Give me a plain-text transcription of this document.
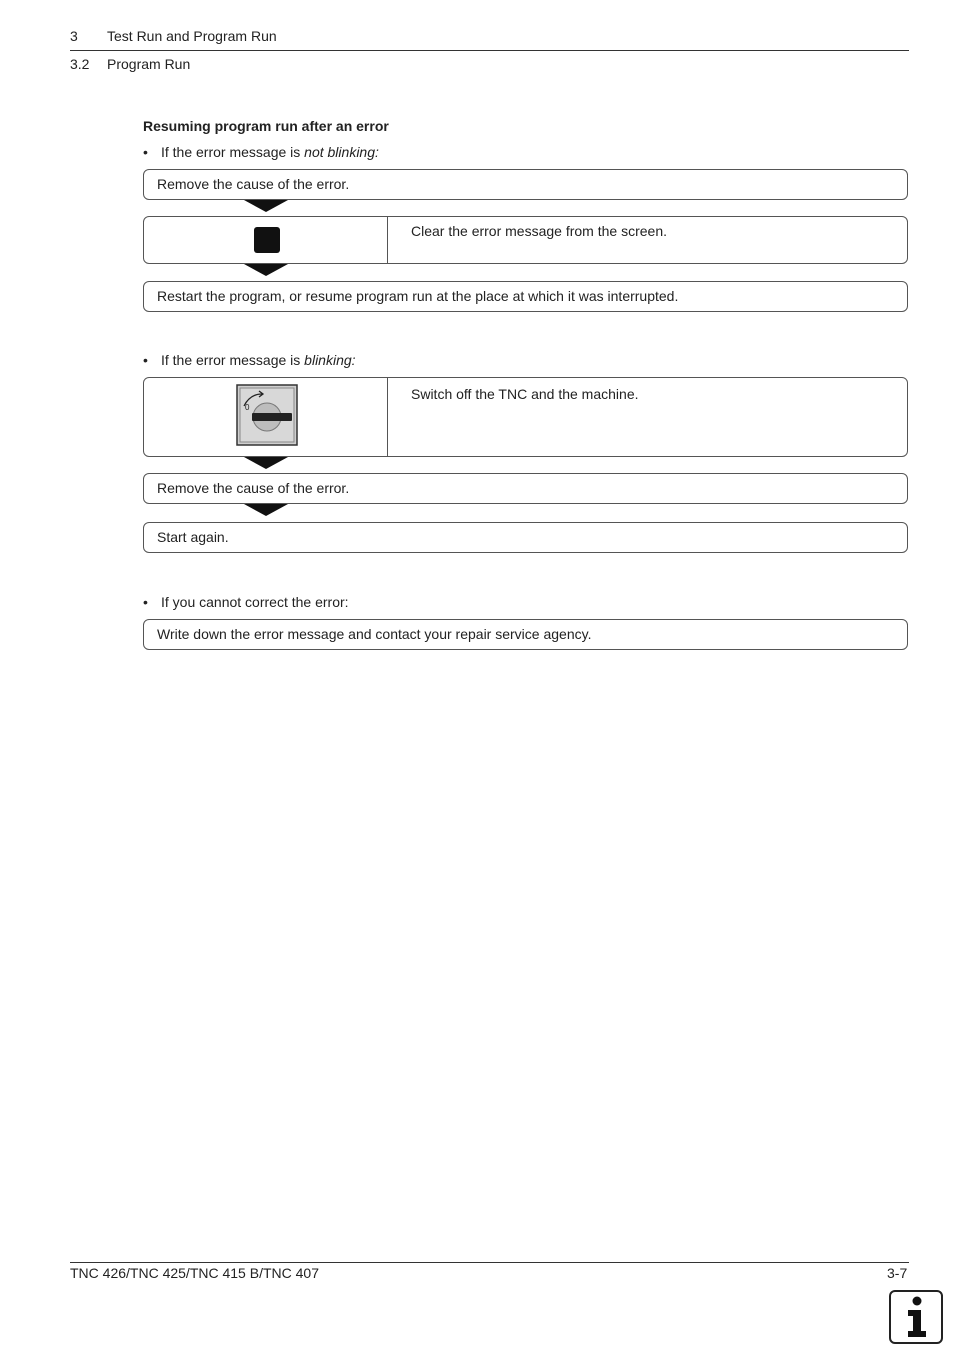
3 Test Run and Program Run
3.2 Program Run
Resuming program run after an error
• If the error message is not blinking:
Remove the cause of the error.
Clear the error message from the screen.
Restart the program, or resume program run at the place at which it was interrupted.
• If the error message is blinking:
0
Switch off the TNC and the machine.
Remove the cause of the error.
Start again.
• If you cannot correct the error:
Write down the error message and contact your repair service agency.
TNC 426/TNC 425/TNC 415 B/TNC 407	3-7
